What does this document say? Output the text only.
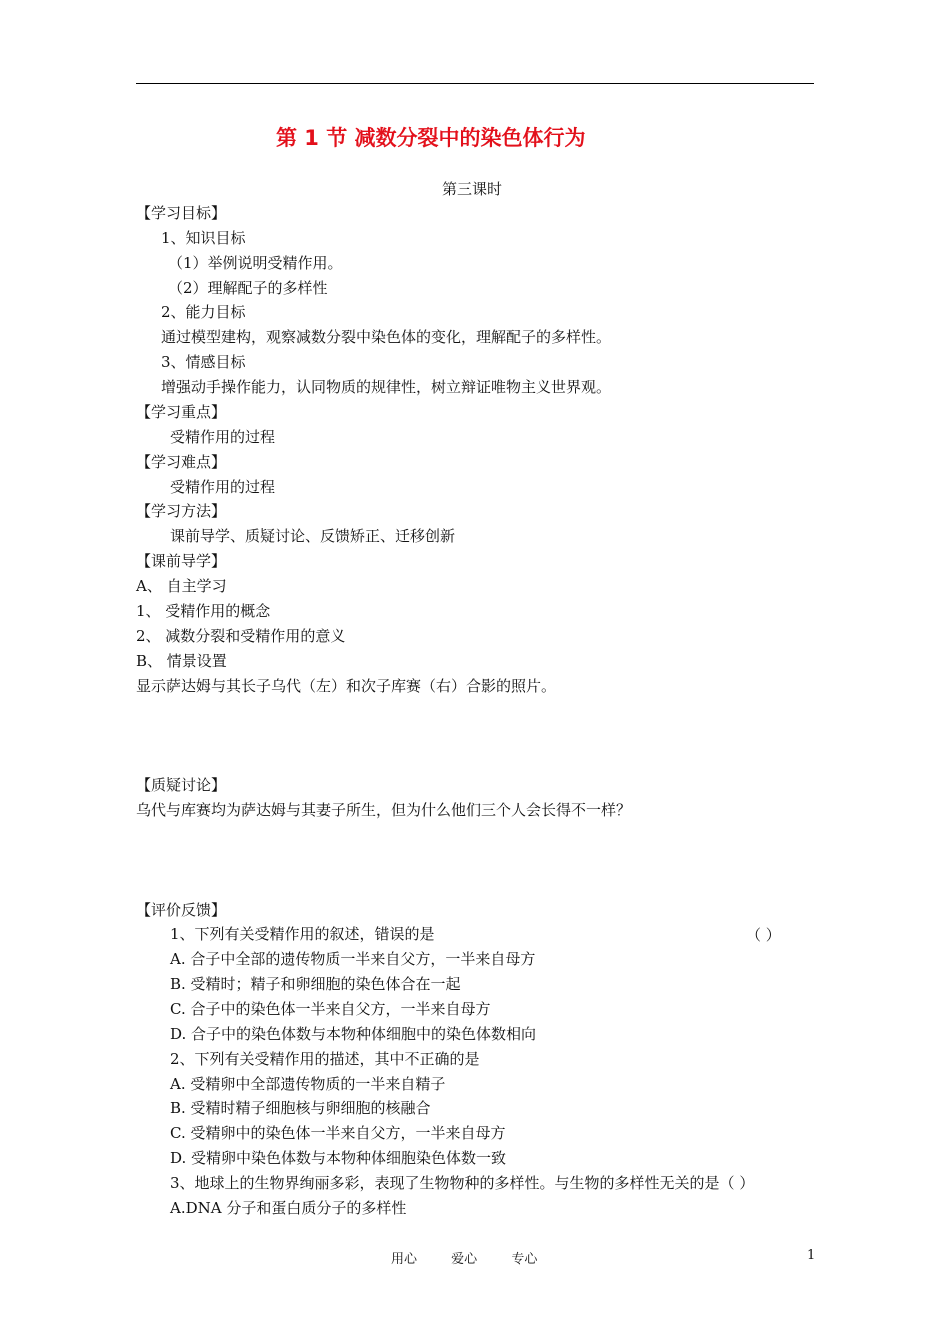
第 1 节 减数分裂中的染色体行为
第三课时
【学习目标】
1、知识目标
（1）举例说明受精作用。
（2）理解配子的多样性
2、能力目标
通过模型建构，观察减数分裂中染色体的变化，理解配子的多样性。
3、情感目标
增强动手操作能力，认同物质的规律性，树立辩证唯物主义世界观。
【学习重点】
受精作用的过程
【学习难点】
受精作用的过程
【学习方法】
课前导学、质疑讨论、反馈矫正、迁移创新
【课前导学】
A、 自主学习
1、 受精作用的概念
2、 减数分裂和受精作用的意义
B、 情景设置
显示萨达姆与其长子乌代（左）和次子库赛（右）合影的照片。
【质疑讨论】
乌代与库赛均为萨达姆与其妻子所生，但为什么他们三个人会长得不一样？
【评价反馈】
1、下列有关受精作用的叙述，错误的是	（ ）
A. 合子中全部的遗传物质一半来自父方，一半来自母方
B. 受精时；精子和卵细胞的染色体合在一起
C. 合子中的染色体一半来自父方，一半来自母方
D. 合子中的染色体数与本物种体细胞中的染色体数相向
2、下列有关受精作用的描述，其中不正确的是
A. 受精卵中全部遗传物质的一半来自精子
B. 受精时精子细胞核与卵细胞的核融合
C. 受精卵中的染色体一半来自父方，一半来自母方
D. 受精卵中染色体数与本物种体细胞染色体数一致
3、地球上的生物界绚丽多彩，表现了生物物种的多样性。与生物的多样性无关的是（ ）
A.DNA 分子和蛋白质分子的多样性
用心	爱心	专心	1
